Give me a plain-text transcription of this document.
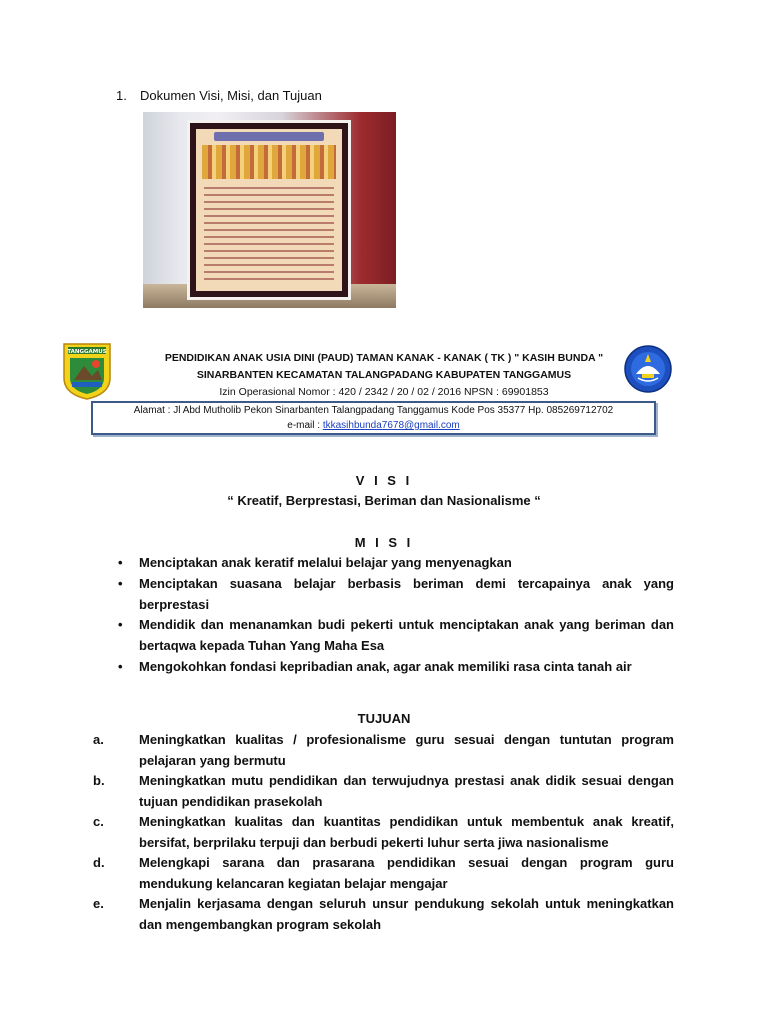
1. Dokumen Visi, Misi, dan Tujuan
TANGGAMUS
PENDIDIKAN ANAK USIA DINI (PAUD) TAMAN KANAK - KANAK ( TK ) " KASIH BUNDA "
SINARBANTEN KECAMATAN TALANGPADANG KABUPATEN TANGGAMUS
Izin Operasional Nomor : 420 / 2342 / 20 / 02 / 2016 NPSN : 69901853
Alamat : Jl Abd Mutholib Pekon Sinarbanten Talangpadang Tanggamus Kode Pos 35377 Hp. 085269712702
e-mail : tkkasihbunda7678@gmail.com
V I S I
“ Kreatif, Berprestasi, Beriman dan Nasionalisme “
M I S I
• Menciptakan anak keratif melalui belajar yang menyenagkan
• Menciptakan suasana belajar berbasis beriman demi tercapainya anak yang berprestasi
• Mendidik dan menanamkan budi pekerti untuk menciptakan anak yang beriman dan bertaqwa kepada Tuhan Yang Maha Esa
• Mengokohkan fondasi kepribadian anak, agar anak memiliki rasa cinta tanah air
TUJUAN
a.	Meningkatkan kualitas / profesionalisme guru sesuai dengan tuntutan program pelajaran yang bermutu
b.	Meningkatkan mutu pendidikan dan terwujudnya prestasi anak didik sesuai dengan tujuan pendidikan prasekolah
c.	Meningkatkan kualitas dan kuantitas pendidikan untuk membentuk anak kreatif, bersifat, berprilaku terpuji dan berbudi pekerti luhur serta jiwa nasionalisme
d.	Melengkapi sarana dan prasarana pendidikan sesuai dengan program guru mendukung kelancaran kegiatan belajar mengajar
e.	Menjalin kerjasama dengan seluruh unsur pendukung sekolah untuk meningkatkan dan mengembangkan program sekolah
